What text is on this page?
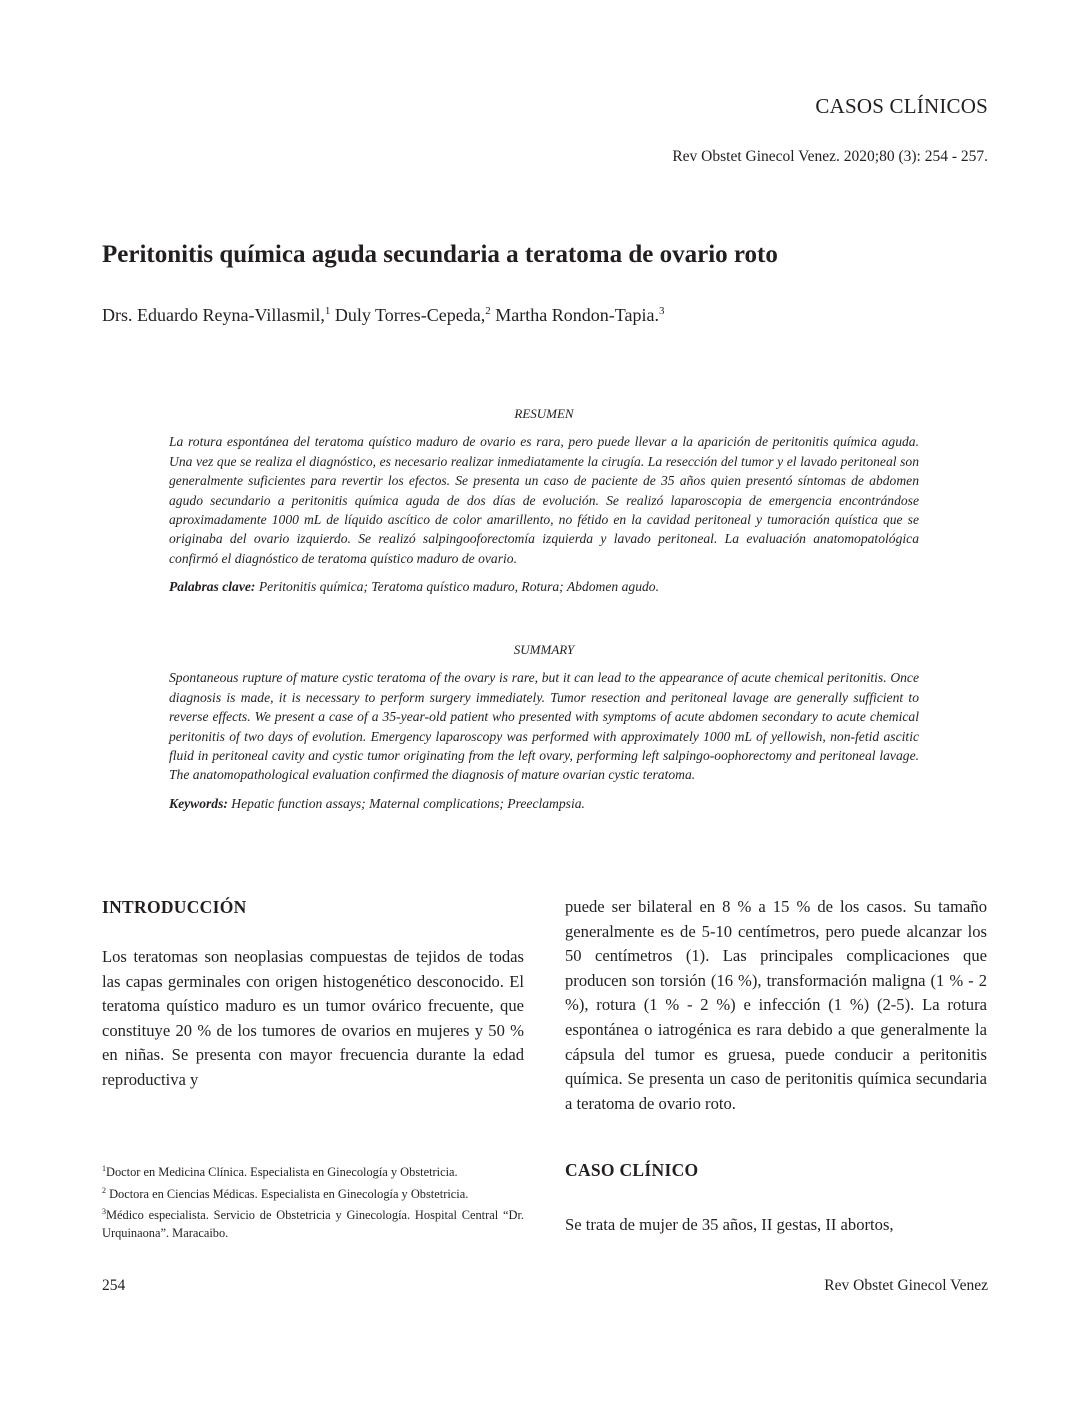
CASOS CLÍNICOS
Rev Obstet Ginecol Venez. 2020;80 (3): 254 - 257.
Peritonitis química aguda secundaria a teratoma de ovario roto
Drs. Eduardo Reyna-Villasmil,$^1$ Duly Torres-Cepeda,$^2$ Martha Rondon-Tapia.$^3$
RESUMEN
La rotura espontánea del teratoma quístico maduro de ovario es rara, pero puede llevar a la aparición de peritonitis química aguda. Una vez que se realiza el diagnóstico, es necesario realizar inmediatamente la cirugía. La resección del tumor y el lavado peritoneal son generalmente suficientes para revertir los efectos. Se presenta un caso de paciente de 35 años quien presentó síntomas de abdomen agudo secundario a peritonitis química aguda de dos días de evolución. Se realizó laparoscopia de emergencia encontrándose aproximadamente 1000 mL de líquido ascítico de color amarillento, no fétido en la cavidad peritoneal y tumoración quística que se originaba del ovario izquierdo. Se realizó salpingooforectomía izquierda y lavado peritoneal. La evaluación anatomopatológica confirmó el diagnóstico de teratoma quístico maduro de ovario.
Palabras clave: Peritonitis química; Teratoma quístico maduro, Rotura; Abdomen agudo.
SUMMARY
Spontaneous rupture of mature cystic teratoma of the ovary is rare, but it can lead to the appearance of acute chemical peritonitis. Once diagnosis is made, it is necessary to perform surgery immediately. Tumor resection and peritoneal lavage are generally sufficient to reverse effects. We present a case of a 35-year-old patient who presented with symptoms of acute abdomen secondary to acute chemical peritonitis of two days of evolution. Emergency laparoscopy was performed with approximately 1000 mL of yellowish, non-fetid ascitic fluid in peritoneal cavity and cystic tumor originating from the left ovary, performing left salpingo-oophorectomy and peritoneal lavage. The anatomopathological evaluation confirmed the diagnosis of mature ovarian cystic teratoma.
Keywords: Hepatic function assays; Maternal complications; Preeclampsia.
INTRODUCCIÓN

Los teratomas son neoplasias compuestas de tejidos de todas las capas germinales con origen histogenético desconocido. El teratoma quístico maduro es un tumor ovárico frecuente, que constituye 20 % de los tumores de ovarios en mujeres y 50 % en niñas. Se presenta con mayor frecuencia durante la edad reproductiva y

$^1$Doctor en Medicina Clínica. Especialista en Ginecología y Obstetricia.

$^2$ Doctora en Ciencias Médicas. Especialista en Ginecología y Obstetricia.

$^3$Médico especialista. Servicio de Obstetricia y Ginecología. Hospital Central “Dr. Urquinaona”. Maracaibo.

puede ser bilateral en 8 % a 15 % de los casos. Su tamaño generalmente es de 5-10 centímetros, pero puede alcanzar los 50 centímetros (1). Las principales complicaciones que producen son torsión (16 %), transformación maligna (1 % - 2 %), rotura (1 % - 2 %) e infección (1 %) (2-5). La rotura espontánea o iatrogénica es rara debido a que generalmente la cápsula del tumor es gruesa, puede conducir a peritonitis química. Se presenta un caso de peritonitis química secundaria a teratoma de ovario roto.

CASO CLÍNICO

Se trata de mujer de 35 años, II gestas, II abortos,

254	Rev Obstet Ginecol Venez
